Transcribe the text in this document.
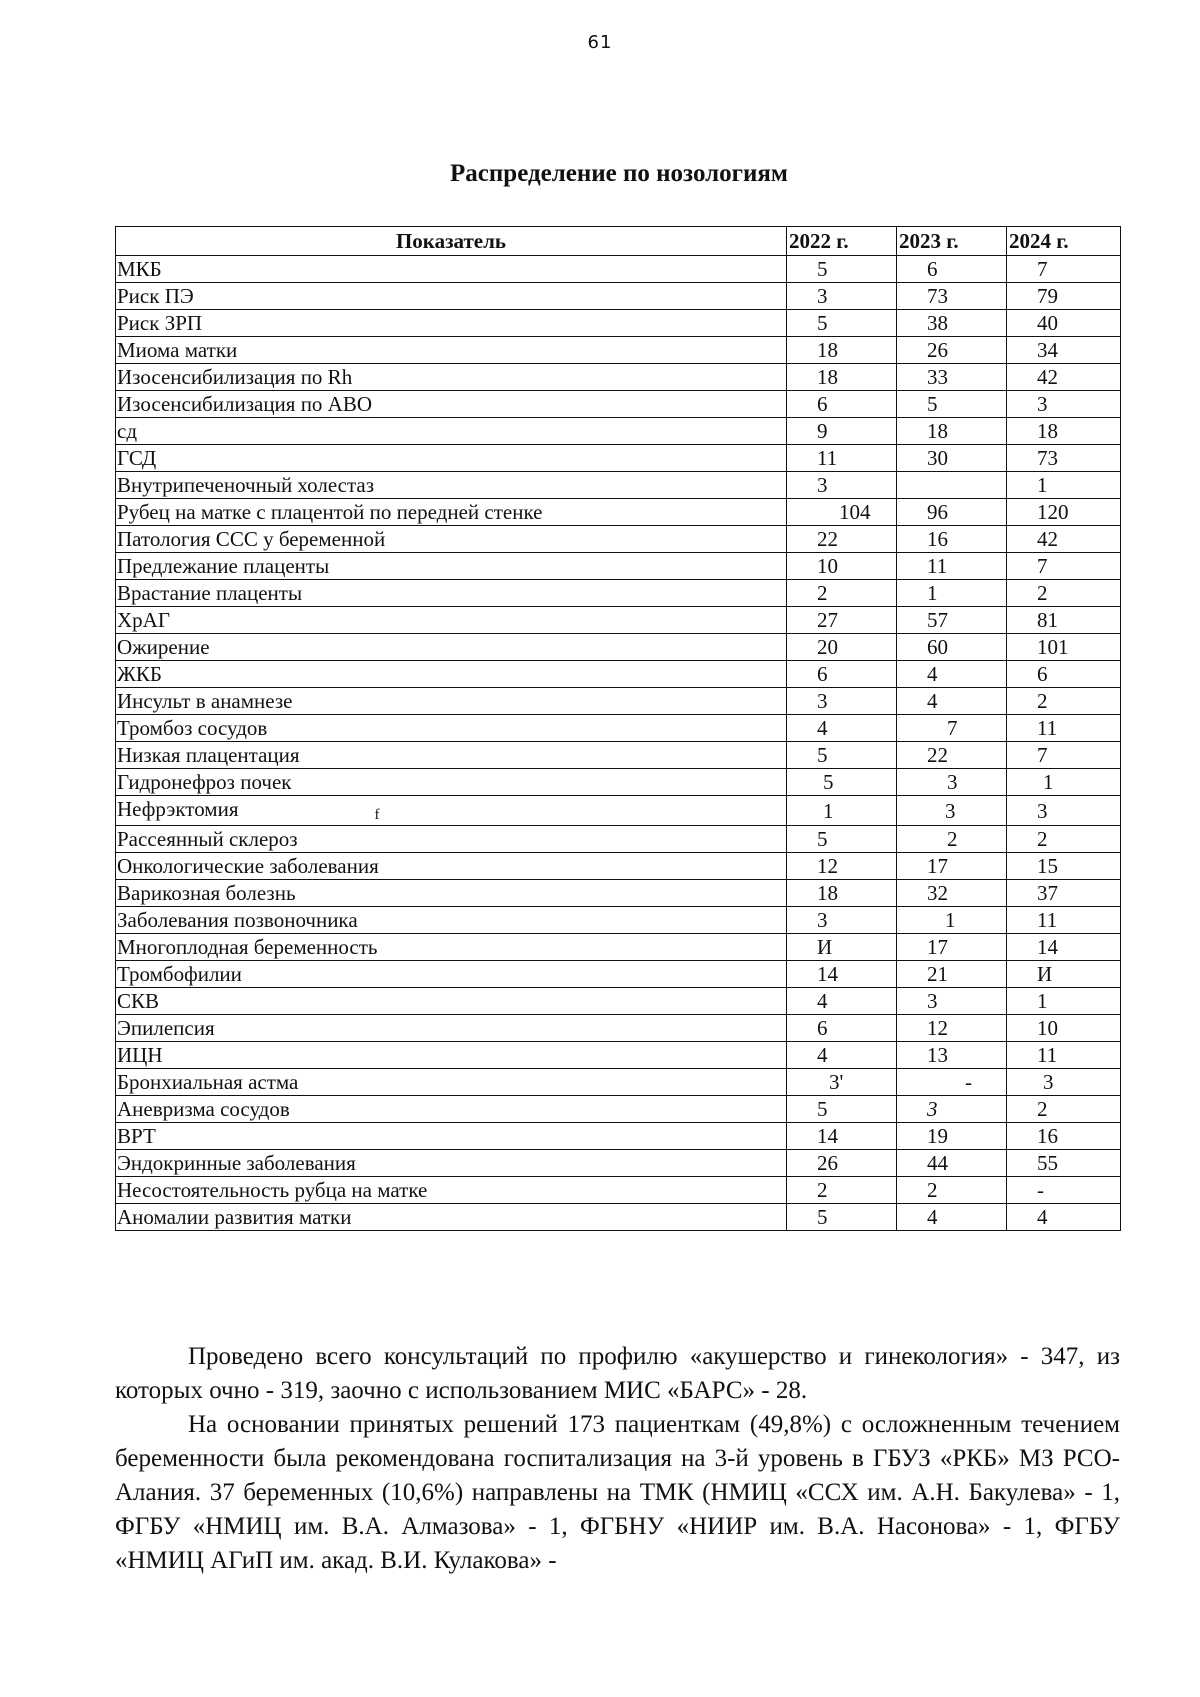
61
Распределение по нозологиям
Показатель	2022 г.	2023 г.	2024 г.
МКБ	5	6	7
Риск ПЭ	3	73	79
Риск ЗРП	5	38	40
Миома матки	18	26	34
Изосенсибилизация по Rh	18	33	42
Изосенсибилизация по АВО	6	5	3
сд	9	18	18
ГСД	11	30	73
Внутрипеченочный холестаз	3		1
Рубец на матке с плацентой по передней стенке	104	96	120
Патология ССС у беременной	22	16	42
Предлежание плаценты	10	11	7
Врастание плаценты	2	1	2
ХрАГ	27	57	81
Ожирение	20	60	101
ЖКБ	6	4	6
Инсульт в анамнезе	3	4	2
Тромбоз сосудов	4	7	11
Низкая плацентация	5	22	7
Гидронефроз почек	5	3	1
Нефрэктомия f	1	3	3
Рассеянный склероз	5	2	2
Онкологические заболевания	12	17	15
Варикозная болезнь	18	32	37
Заболевания позвоночника	3	1	11
Многоплодная беременность	И	17	14
Тромбофилии	14	21	И
СКВ	4	3	1
Эпилепсия	6	12	10
ИЦН	4	13	11
Бронхиальная астма	3'	-	3
Аневризма сосудов	5	3	2
ВРТ	14	19	16
Эндокринные заболевания	26	44	55
Несостоятельность рубца на матке	2	2	-
Аномалии развития матки	5	4	4

Проведено всего консультаций по профилю «акушерство и гинекология» - 347, из которых очно - 319, заочно с использованием МИС «БАРС» - 28.

На основании принятых решений 173 пациенткам (49,8%) с осложненным течением беременности была рекомендована госпитализация на 3-й уровень в ГБУЗ «РКБ» МЗ РСО-Алания. 37 беременных (10,6%) направлены на ТМК (НМИЦ «ССХ им. А.Н. Бакулева» - 1, ФГБУ «НМИЦ им. В.А. Алмазова» - 1, ФГБНУ «НИИР им. В.А. Насонова» - 1, ФГБУ «НМИЦ АГиП им. акад. В.И. Кулакова» -
